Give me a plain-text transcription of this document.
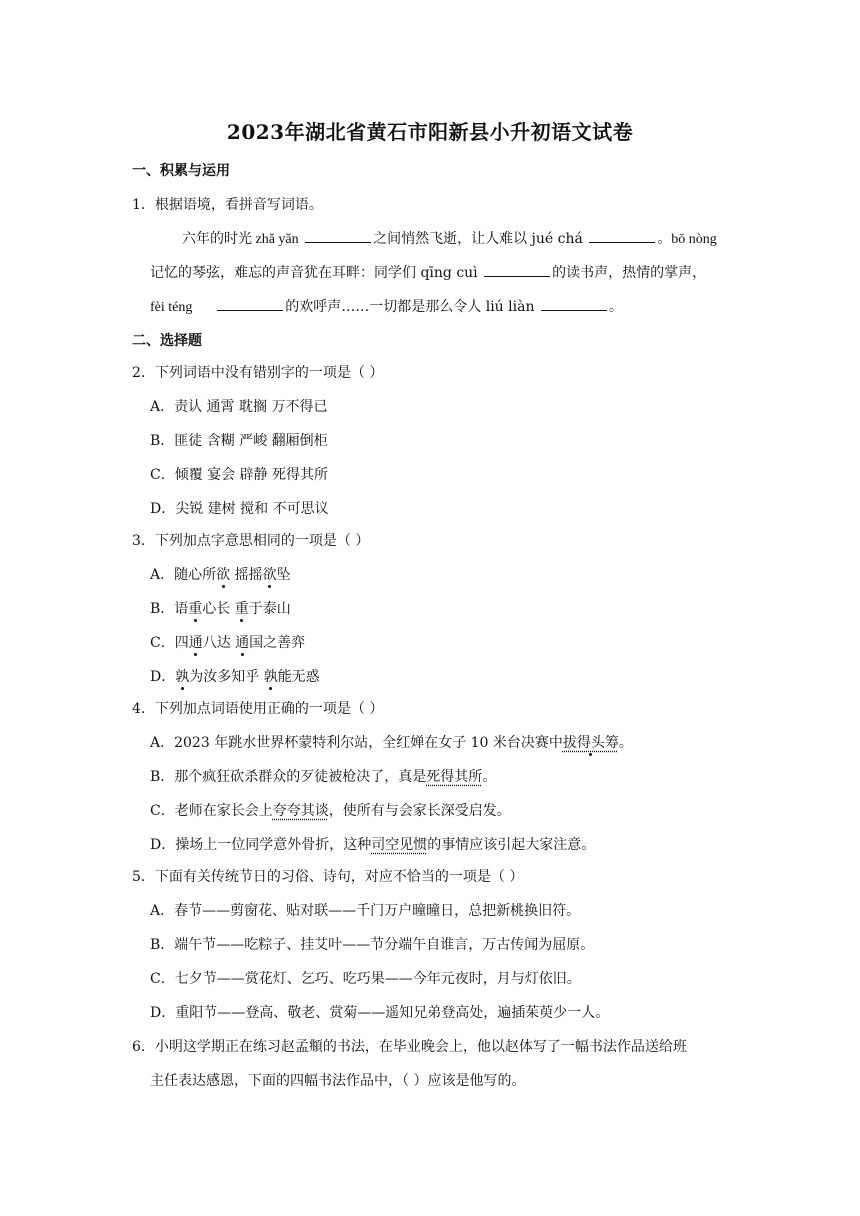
2023年湖北省黄石市阳新县小升初语文试卷
一、积累与运用
1．根据语境，看拼音写词语。
六年的时光 zhǎ yǎn	之间悄然飞逝，让人难以 jué chá	。bō nòng
记忆的琴弦，难忘的声音犹在耳畔：同学们 qīng cuì	的读书声，热情的掌声，
fèi téng	的欢呼声……一切都是那么令人 liú liàn	。
二、选择题
2．下列词语中没有错别字的一项是（ ）
A．责认 通霄 耽搁 万不得已
B．匪徒 含糊 严峻 翻厢倒柜
C．倾覆 宴会 辟静 死得其所
D．尖锐 建树 搅和 不可思议
3．下列加点字意思相同的一项是（ ）
A．随心所欲 摇摇欲坠
B．语重心长 重于泰山
C．四通八达 通国之善弈
D．孰为汝多知乎 孰能无惑
4．下列加点词语使用正确的一项是（ ）
A．2023 年跳水世界杯蒙特利尔站，全红婵在女子 10 米台决赛中拔得头筹。
B．那个疯狂砍杀群众的歹徒被枪决了，真是死得其所。
C．老师在家长会上夸夸其谈，使所有与会家长深受启发。
D．操场上一位同学意外骨折，这种司空见惯的事情应该引起大家注意。
5．下面有关传统节日的习俗、诗句，对应不恰当的一项是（ ）
A．春节——剪窗花、贴对联——千门万户曈曈日，总把新桃换旧符。
B．端午节——吃粽子、挂艾叶——节分端午自谁言，万古传闻为屈原。
C．七夕节——赏花灯、乞巧、吃巧果——今年元夜时，月与灯依旧。
D．重阳节——登高、敬老、赏菊——遥知兄弟登高处，遍插茱萸少一人。
6．小明这学期正在练习赵孟頫的书法，在毕业晚会上，他以赵体写了一幅书法作品送给班
主任表达感恩，下面的四幅书法作品中，（ ）应该是他写的。
